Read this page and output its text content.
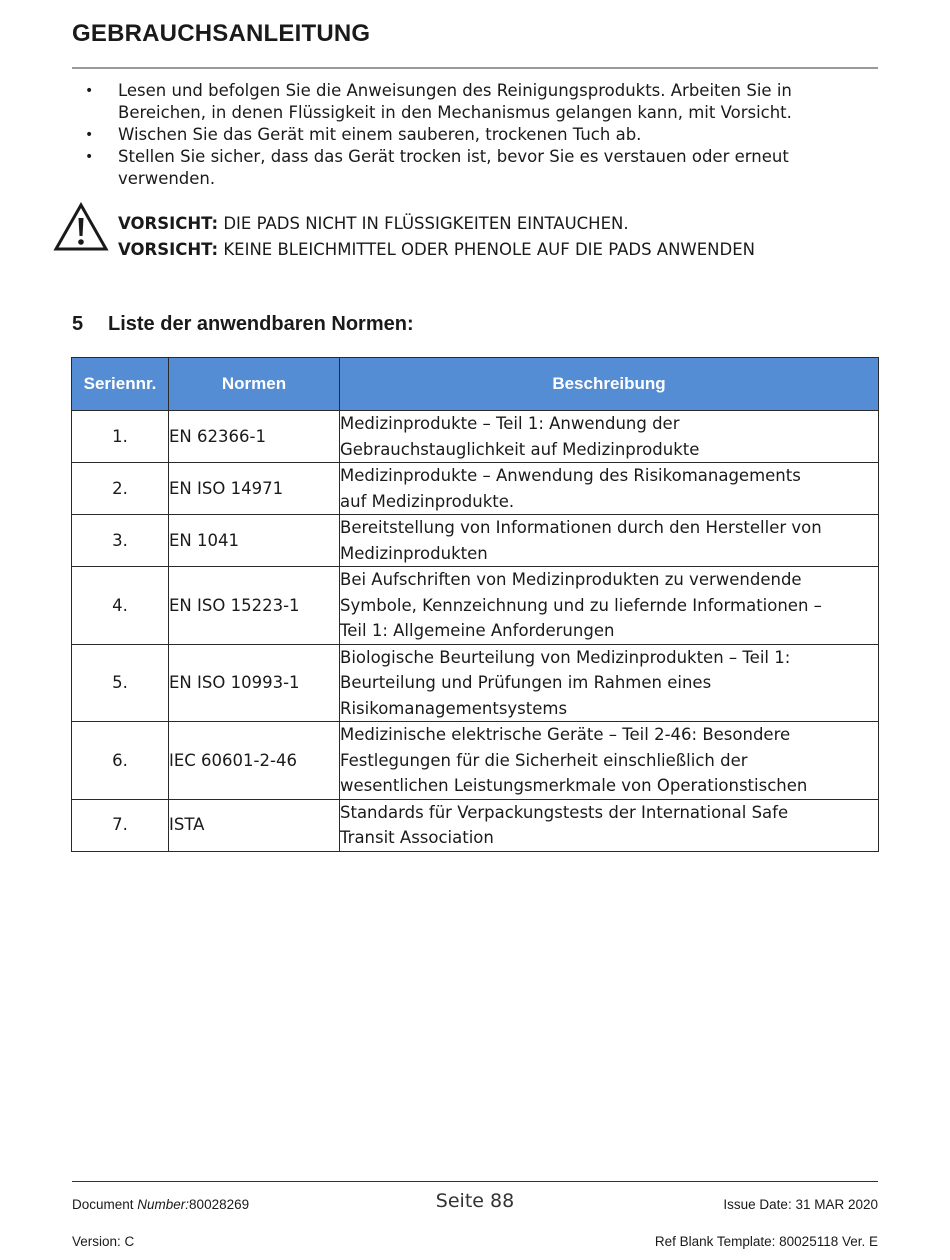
GEBRAUCHSANLEITUNG
• Lesen und befolgen Sie die Anweisungen des Reinigungsprodukts. Arbeiten Sie in Bereichen, in denen Flüssigkeit in den Mechanismus gelangen kann, mit Vorsicht.
• Wischen Sie das Gerät mit einem sauberen, trockenen Tuch ab.
• Stellen Sie sicher, dass das Gerät trocken ist, bevor Sie es verstauen oder erneut verwenden.
VORSICHT: DIE PADS NICHT IN FLÜSSIGKEITEN EINTAUCHEN.
VORSICHT: KEINE BLEICHMITTEL ODER PHENOLE AUF DIE PADS ANWENDEN
5 Liste der anwendbaren Normen:
Seriennr.	Normen	Beschreibung
1.	EN 62366-1	Medizinprodukte – Teil 1: Anwendung der
Gebrauchstauglichkeit auf Medizinprodukte

2.	EN ISO 14971	Medizinprodukte – Anwendung des Risikomanagements
auf Medizinprodukte.

3.	EN 1041	Bereitstellung von Informationen durch den Hersteller von
Medizinprodukten

4.	EN ISO 15223-1	Bei Aufschriften von Medizinprodukten zu verwendende
Symbole, Kennzeichnung und zu liefernde Informationen –
Teil 1: Allgemeine Anforderungen

5.	EN ISO 10993-1	Biologische Beurteilung von Medizinprodukten – Teil 1:
Beurteilung und Prüfungen im Rahmen eines
Risikomanagementsystems

6.	IEC 60601-2-46	Medizinische elektrische Geräte – Teil 2-46: Besondere
Festlegungen für die Sicherheit einschließlich der
wesentlichen Leistungsmerkmale von Operationstischen

7.	ISTA	Standards für Verpackungstests der International Safe
Transit Association
Document Number:80028269	Seite 88	Issue Date: 31 MAR 2020
Version: C	Ref Blank Template: 80025118 Ver. E
